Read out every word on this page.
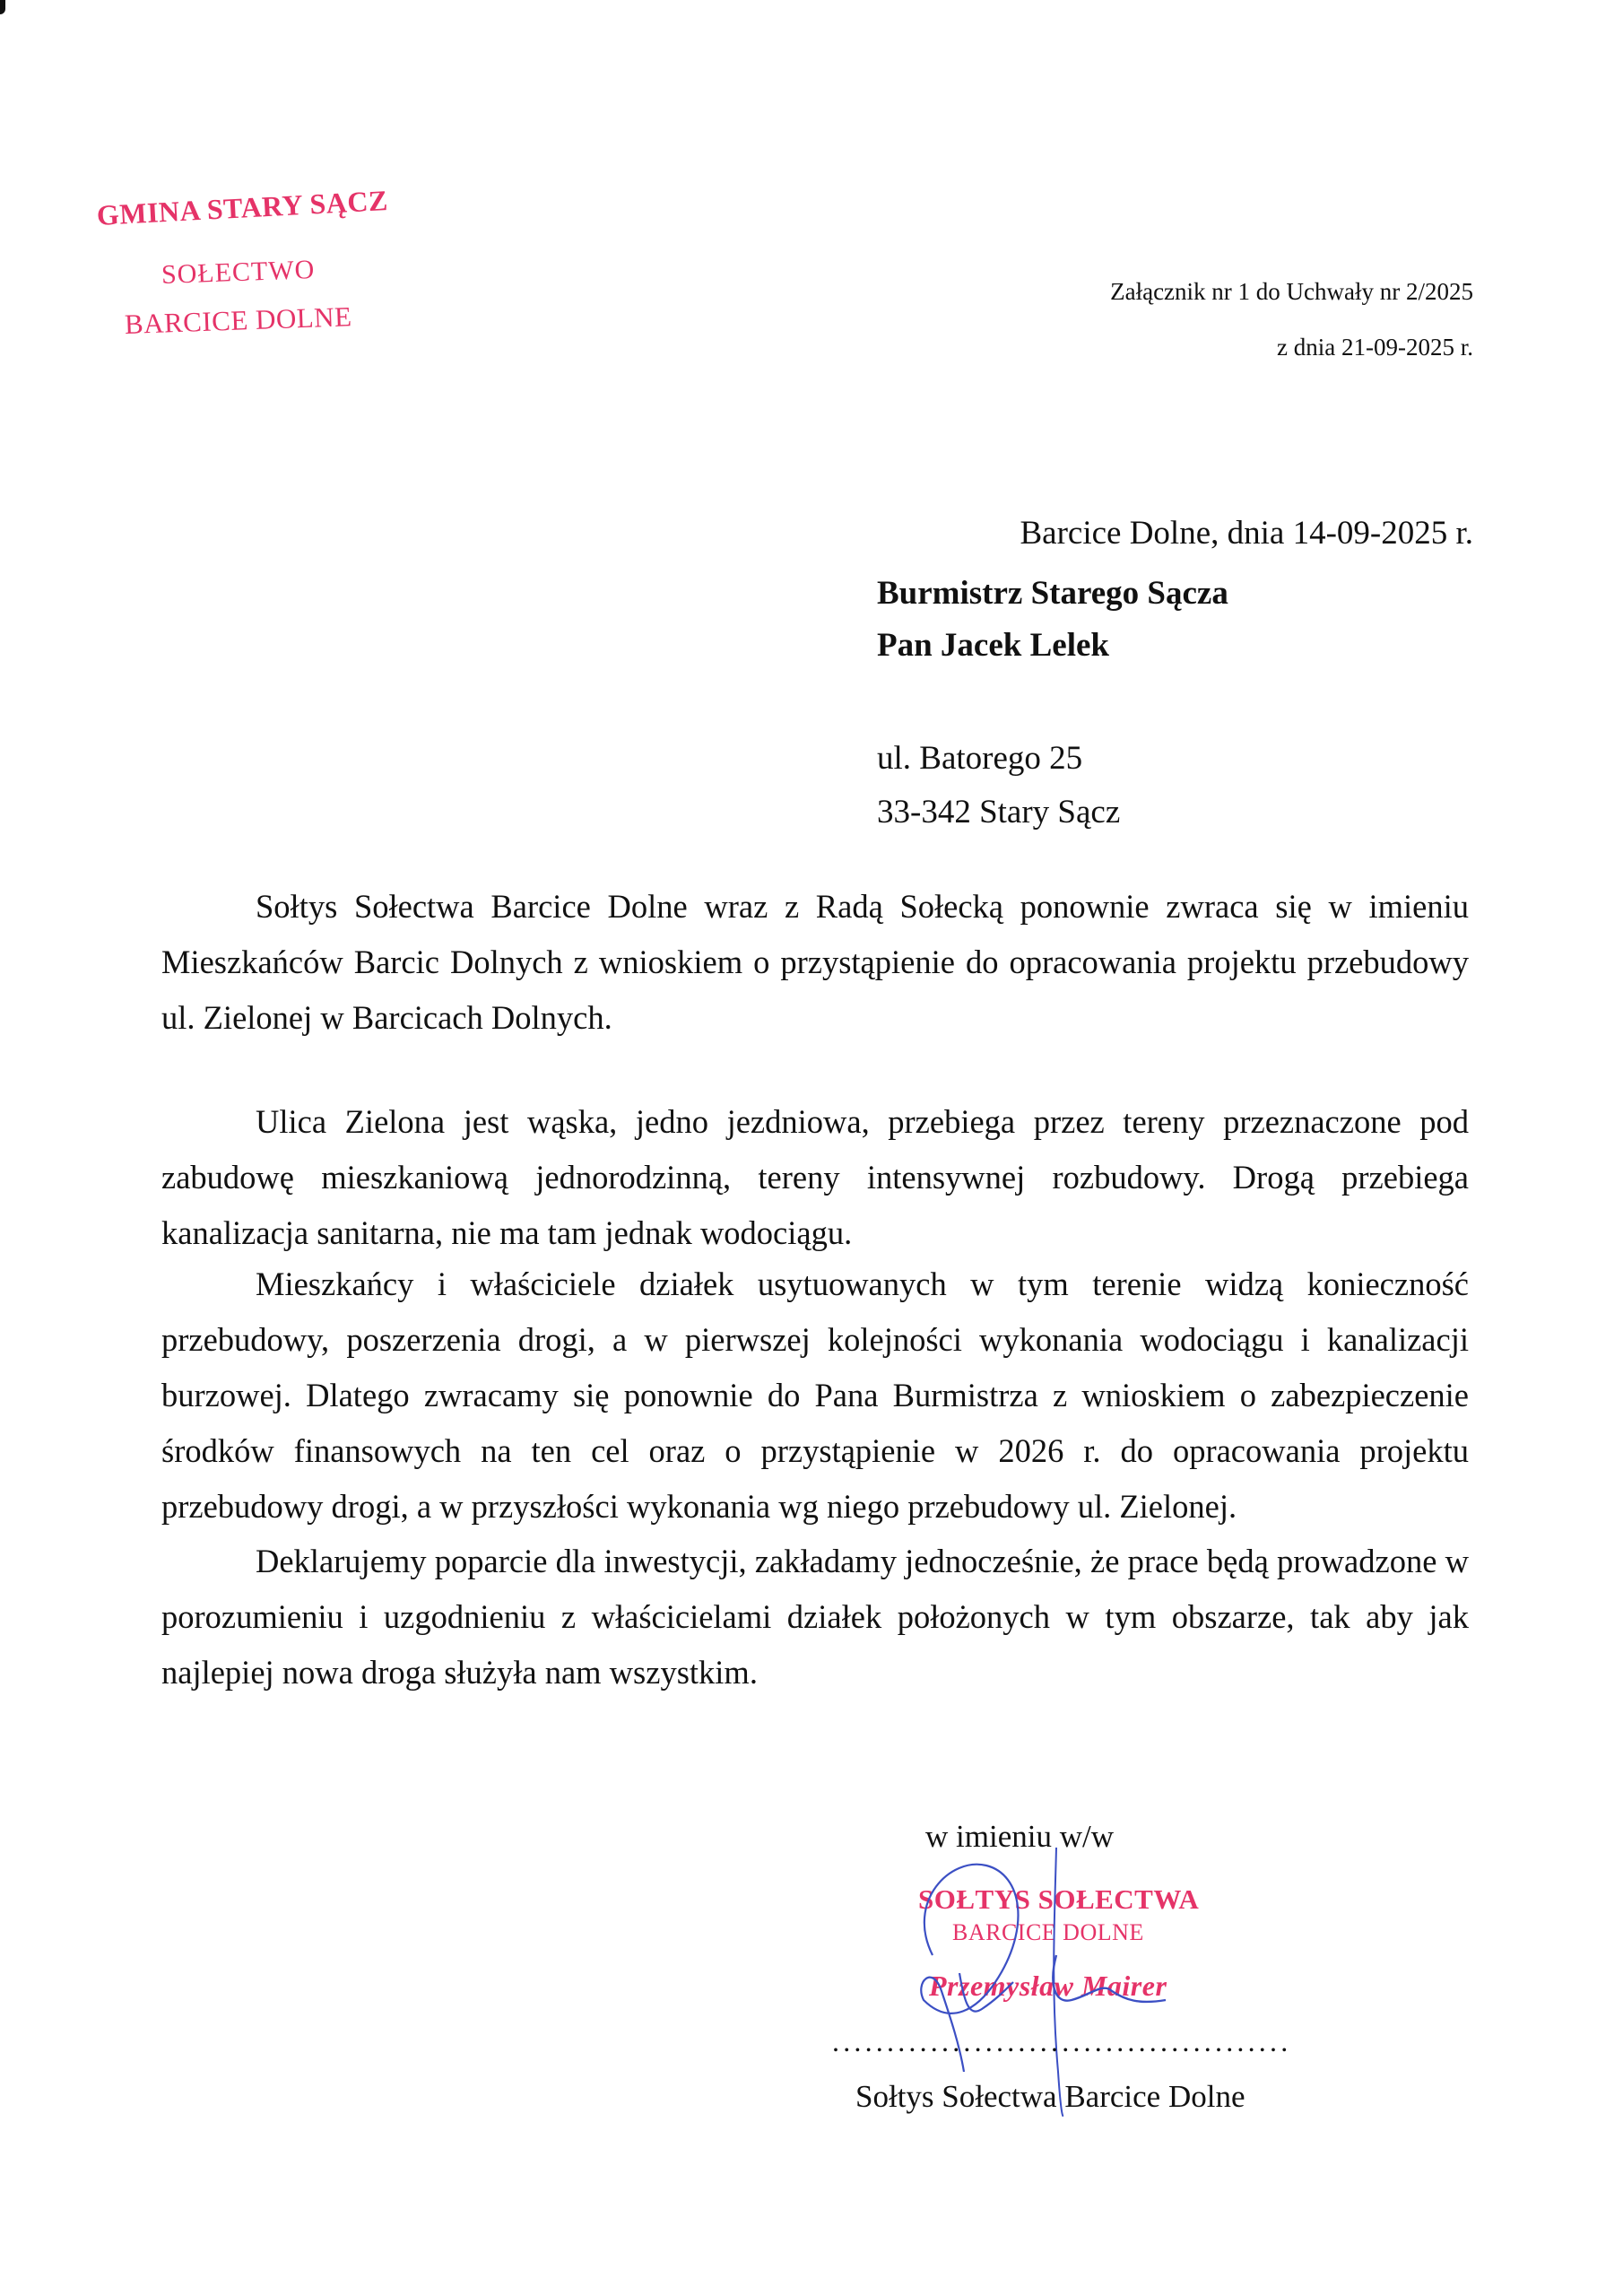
GMINA STARY SĄCZ
SOŁECTWO
BARCICE DOLNE
Załącznik nr 1 do Uchwały nr 2/2025
z dnia 21-09-2025 r.
Barcice Dolne, dnia 14-09-2025 r.
Burmistrz Starego Sącza
Pan Jacek Lelek
ul. Batorego 25
33-342 Stary Sącz

Sołtys Sołectwa Barcice Dolne wraz z Radą Sołecką ponownie zwraca się w imieniu Mieszkańców Barcic Dolnych z wnioskiem o przystąpienie do opracowania projektu przebudowy ul. Zielonej w Barcicach Dolnych.

Ulica Zielona jest wąska, jedno jezdniowa, przebiega przez tereny przeznaczone pod zabudowę mieszkaniową jednorodzinną, tereny intensywnej rozbudowy. Drogą przebiega kanalizacja sanitarna, nie ma tam jednak wodociągu.

Mieszkańcy i właściciele działek usytuowanych w tym terenie widzą konieczność przebudowy, poszerzenia drogi, a w pierwszej kolejności wykonania wodociągu i kanalizacji burzowej. Dlatego zwracamy się ponownie do Pana Burmistrza z wnioskiem o zabezpieczenie środków finansowych na ten cel oraz o przystąpienie w 2026 r. do opracowania projektu przebudowy drogi, a w przyszłości wykonania wg niego przebudowy ul. Zielonej.

Deklarujemy poparcie dla inwestycji, zakładamy jednocześnie, że prace będą prowadzone w porozumieniu i uzgodnieniu z właścicielami działek położonych w tym obszarze, tak aby jak najlepiej nowa droga służyła nam wszystkim.

w imieniu w/w
SOŁTYS SOŁECTWA
BARCICE DOLNE
Przemysław Mairer
..........................................
Sołtys Sołectwa Barcice Dolne
